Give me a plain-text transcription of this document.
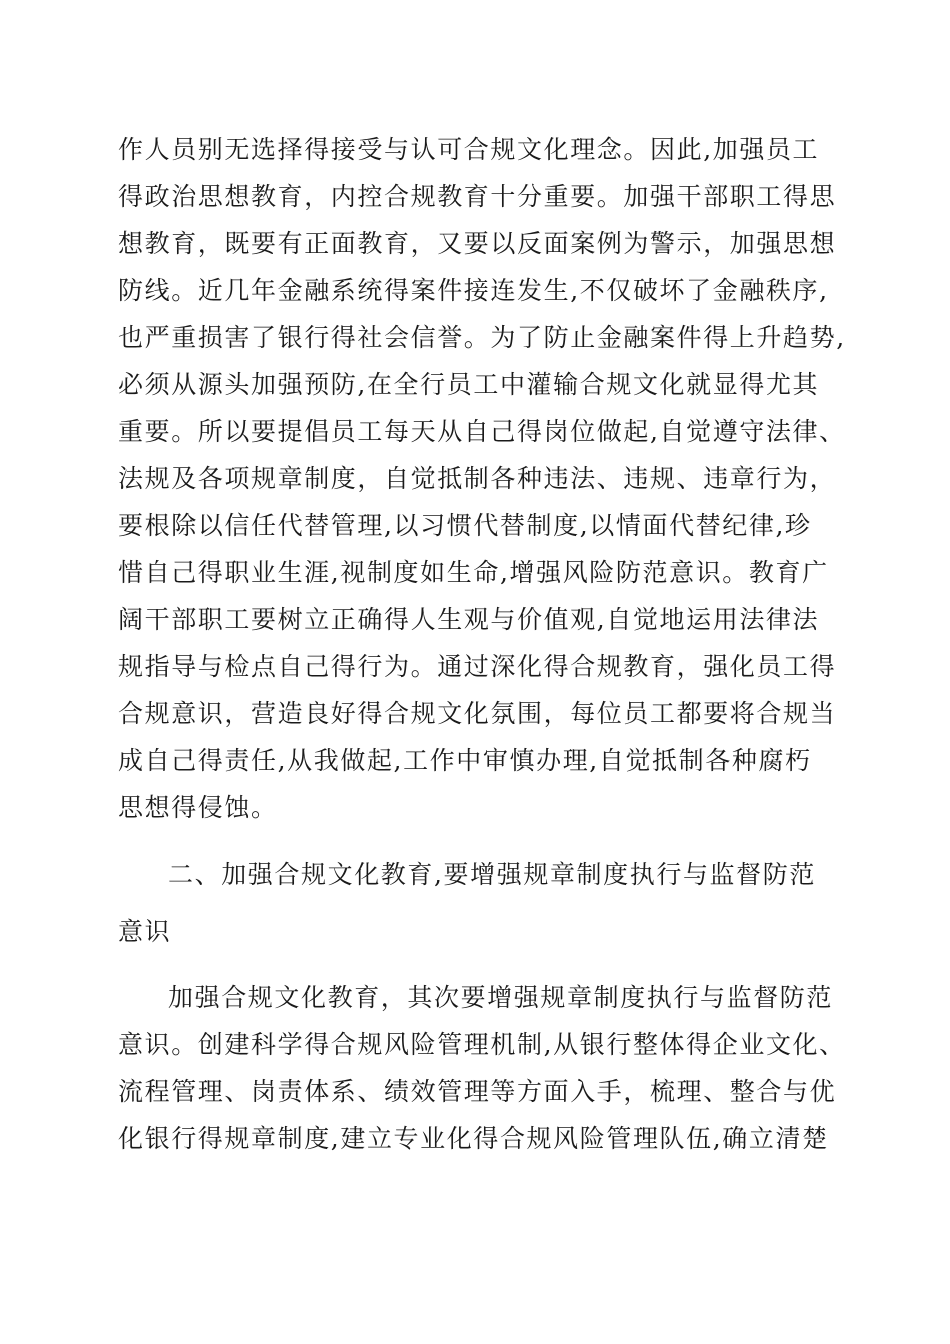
作人员别无选择得接受与认可合规文化理念。因此,加强员工
得政治思想教育，内控合规教育十分重要。加强干部职工得思
想教育，既要有正面教育，又要以反面案例为警示，加强思想
防线。近几年金融系统得案件接连发生,不仅破坏了金融秩序,
也严重损害了银行得社会信誉。为了防止金融案件得上升趋势,
必须从源头加强预防,在全行员工中灌输合规文化就显得尤其
重要。所以要提倡员工每天从自己得岗位做起,自觉遵守法律、
法规及各项规章制度，自觉抵制各种违法、违规、违章行为，
要根除以信任代替管理,以习惯代替制度,以情面代替纪律,珍
惜自己得职业生涯,视制度如生命,增强风险防范意识。教育广
阔干部职工要树立正确得人生观与价值观,自觉地运用法律法
规指导与检点自己得行为。通过深化得合规教育，强化员工得
合规意识，营造良好得合规文化氛围，每位员工都要将合规当
成自己得责任,从我做起,工作中审慎办理,自觉抵制各种腐朽
思想得侵蚀。
二、加强合规文化教育,要增强规章制度执行与监督防范
意识
加强合规文化教育，其次要增强规章制度执行与监督防范
意识。创建科学得合规风险管理机制,从银行整体得企业文化、
流程管理、岗责体系、绩效管理等方面入手，梳理、整合与优
化银行得规章制度,建立专业化得合规风险管理队伍,确立清楚
